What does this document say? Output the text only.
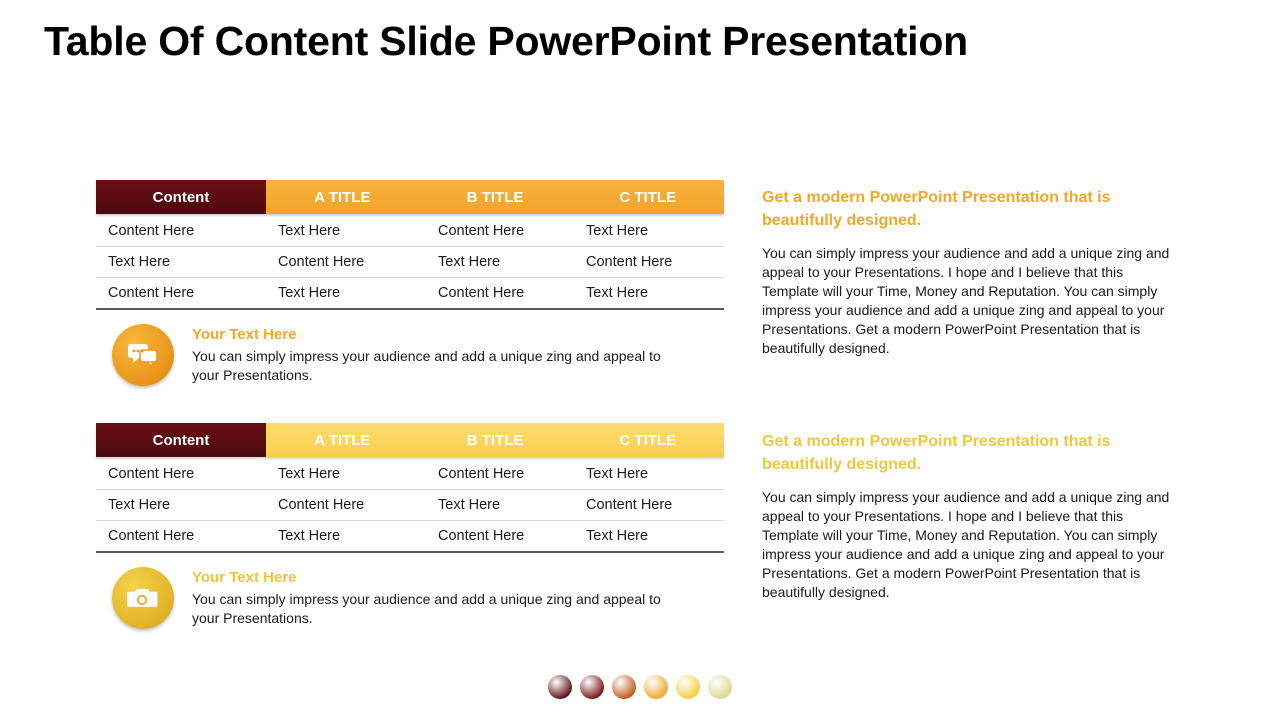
Table Of Content Slide PowerPoint Presentation
Content	A TITLE	B TITLE	C TITLE
Content Here	Text Here	Content Here	Text Here
Text Here	Content Here	Text Here	Content Here
Content Here	Text Here	Content Here	Text Here
Your Text Here
You can simply impress your audience and add a unique zing and appeal to your Presentations.
Content	A TITLE	B TITLE	C TITLE
Content Here	Text Here	Content Here	Text Here
Text Here	Content Here	Text Here	Content Here
Content Here	Text Here	Content Here	Text Here
Your Text Here
You can simply impress your audience and add a unique zing and appeal to your Presentations.
Get a modern PowerPoint Presentation that is beautifully designed.
You can simply impress your audience and add a unique zing and appeal to your Presentations. I hope and I believe that this Template will your Time, Money and Reputation. You can simply impress your audience and add a unique zing and appeal to your Presentations. Get a modern PowerPoint Presentation that is beautifully designed.
Get a modern PowerPoint Presentation that is beautifully designed.
You can simply impress your audience and add a unique zing and appeal to your Presentations. I hope and I believe that this Template will your Time, Money and Reputation. You can simply impress your audience and add a unique zing and appeal to your Presentations. Get a modern PowerPoint Presentation that is beautifully designed.
